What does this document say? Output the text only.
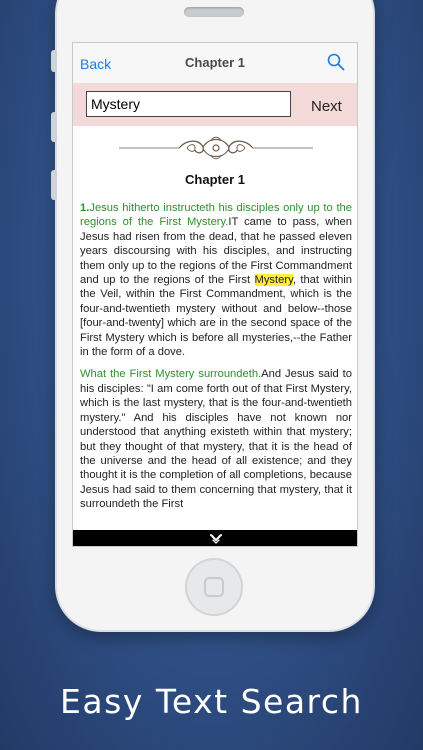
Back	Chapter 1
Mystery	Next
Chapter 1

1.Jesus hitherto instructeth his disciples only up to the regions of the First Mystery.IT came to pass, when Jesus had risen from the dead, that he passed eleven years discoursing with his disciples, and instructing them only up to the regions of the First Commandment and up to the regions of the First Mystery, that within the Veil, within the First Commandment, which is the four-and-twentieth mystery without and below--those [four-and-twenty] which are in the second space of the First Mystery which is before all mysteries,--the Father in the form of a dove.

What the First Mystery surroundeth.And Jesus said to his disciples: "I am come forth out of that First Mystery, which is the last mystery, that is the four-and-twentieth mystery." And his disciples have not known nor understood that anything existeth within that mystery; but they thought of that mystery, that it is the head of the universe and the head of all existence; and they thought it is the completion of all completions, because Jesus had said to them concerning that mystery, that it surroundeth the First

Easy Text Search
